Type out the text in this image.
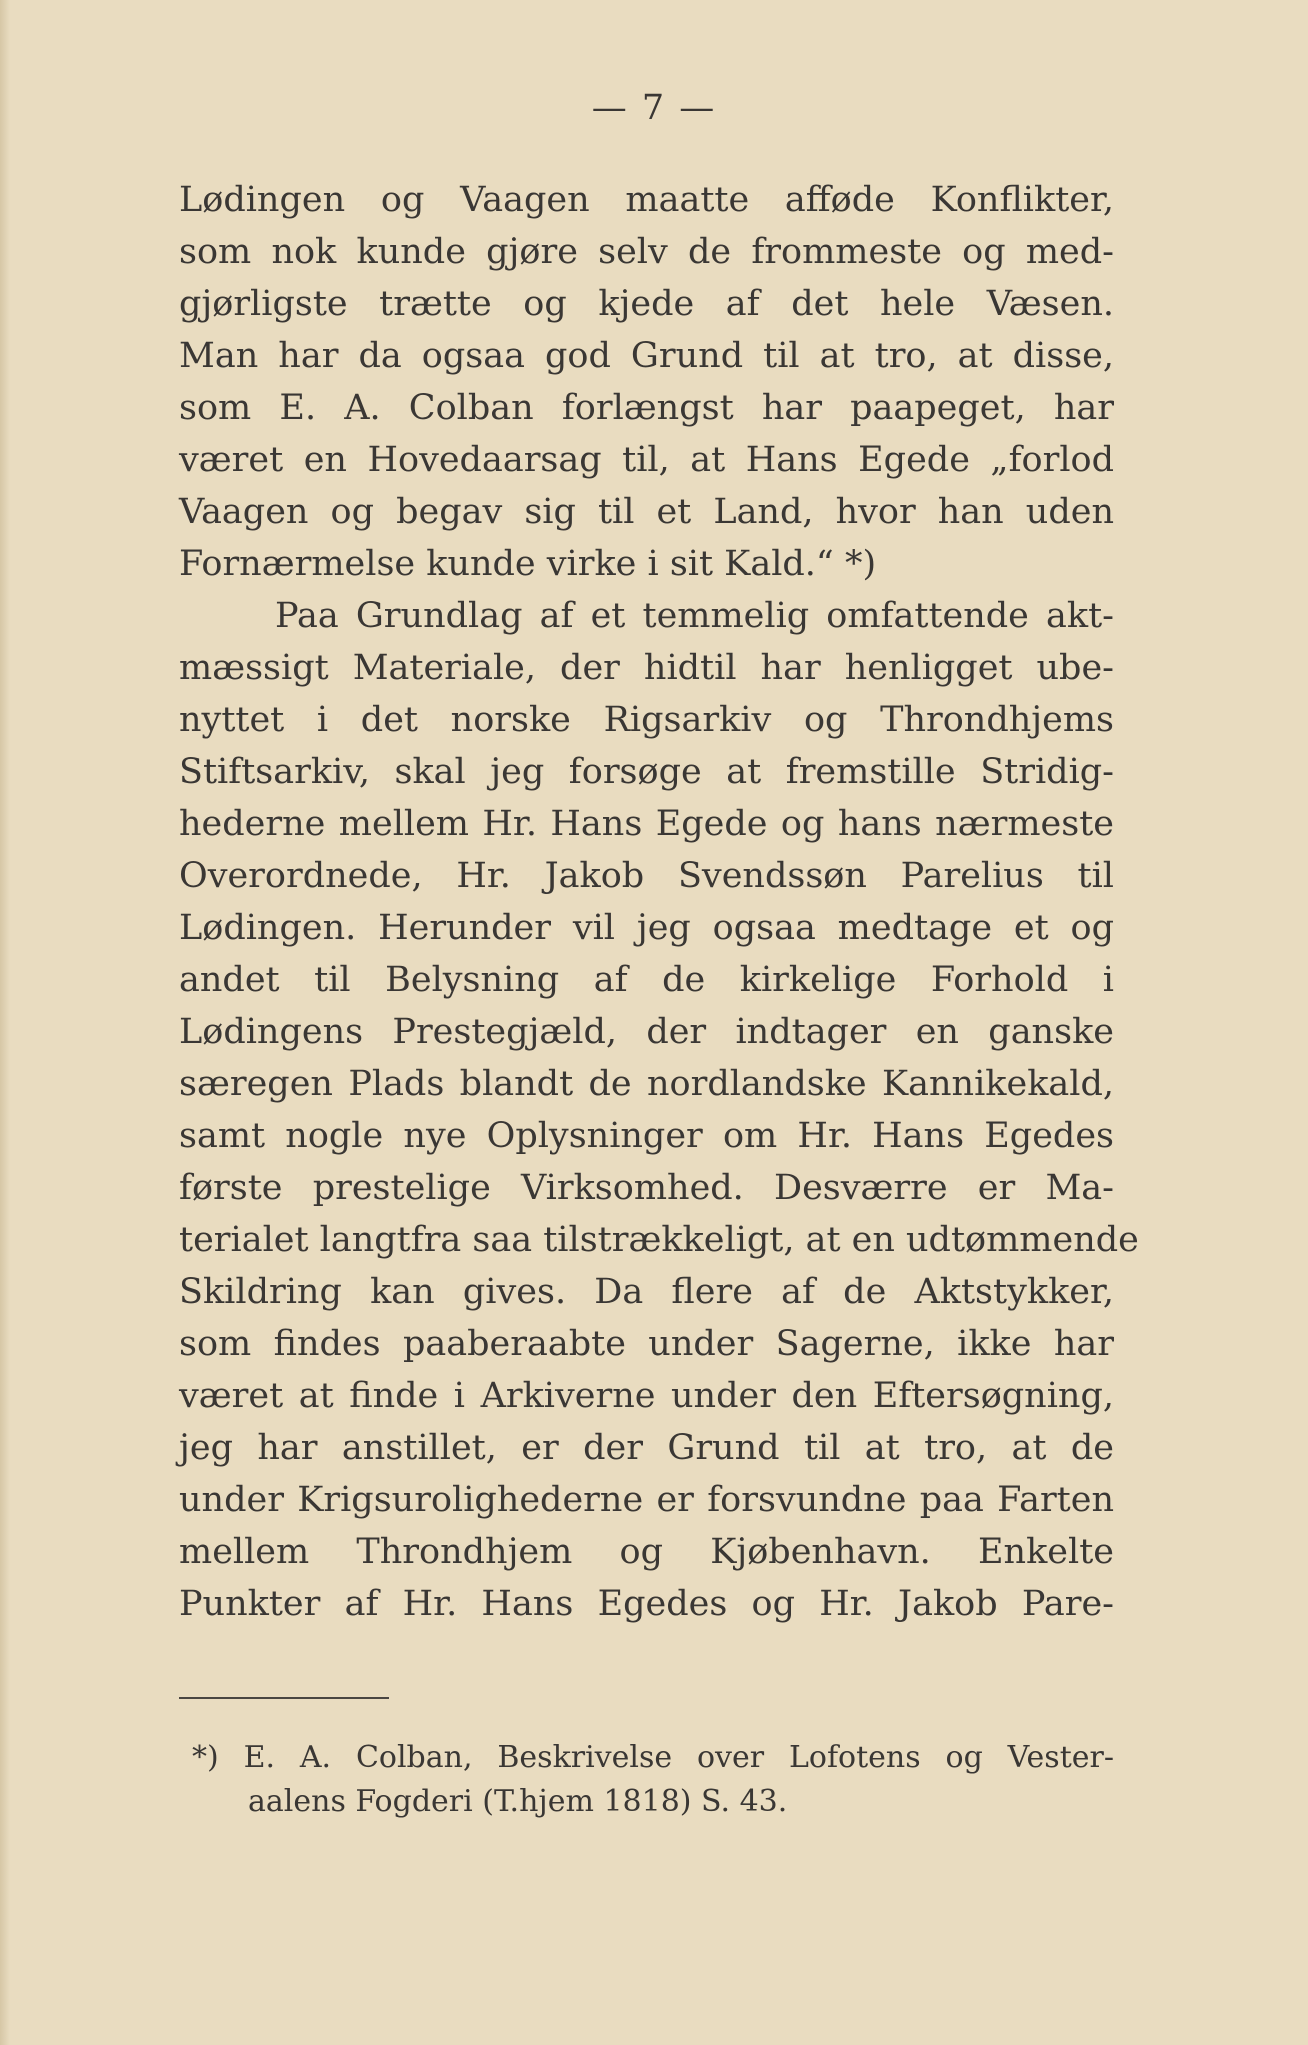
— 7 —
Lødingen og Vaagen maatte afføde Konflikter,
som nok kunde gjøre selv de frommeste og med-
gjørligste trætte og kjede af det hele Væsen.
Man har da ogsaa god Grund til at tro, at disse,
som E. A. Colban forlængst har paapeget, har
været en Hovedaarsag til, at Hans Egede „forlod
Vaagen og begav sig til et Land, hvor han uden
Fornærmelse kunde virke i sit Kald.“ *)
Paa Grundlag af et temmelig omfattende akt-
mæssigt Materiale, der hidtil har henligget ube-
nyttet i det norske Rigsarkiv og Throndhjems
Stiftsarkiv, skal jeg forsøge at fremstille Stridig-
hederne mellem Hr. Hans Egede og hans nærmeste
Overordnede, Hr. Jakob Svendssøn Parelius til
Lødingen. Herunder vil jeg ogsaa medtage et og
andet til Belysning af de kirkelige Forhold i
Lødingens Prestegjæld, der indtager en ganske
særegen Plads blandt de nordlandske Kannikekald,
samt nogle nye Oplysninger om Hr. Hans Egedes
første prestelige Virksomhed. Desværre er Ma-
terialet langtfra saa tilstrækkeligt, at en udtømmende
Skildring kan gives. Da flere af de Aktstykker,
som findes paaberaabte under Sagerne, ikke har
været at finde i Arkiverne under den Eftersøgning,
jeg har anstillet, er der Grund til at tro, at de
under Krigsurolighederne er forsvundne paa Farten
mellem Throndhjem og Kjøbenhavn. Enkelte
Punkter af Hr. Hans Egedes og Hr. Jakob Pare-
*) E. A. Colban, Beskrivelse over Lofotens og Vester-
aalens Fogderi (T.hjem 1818) S. 43.
